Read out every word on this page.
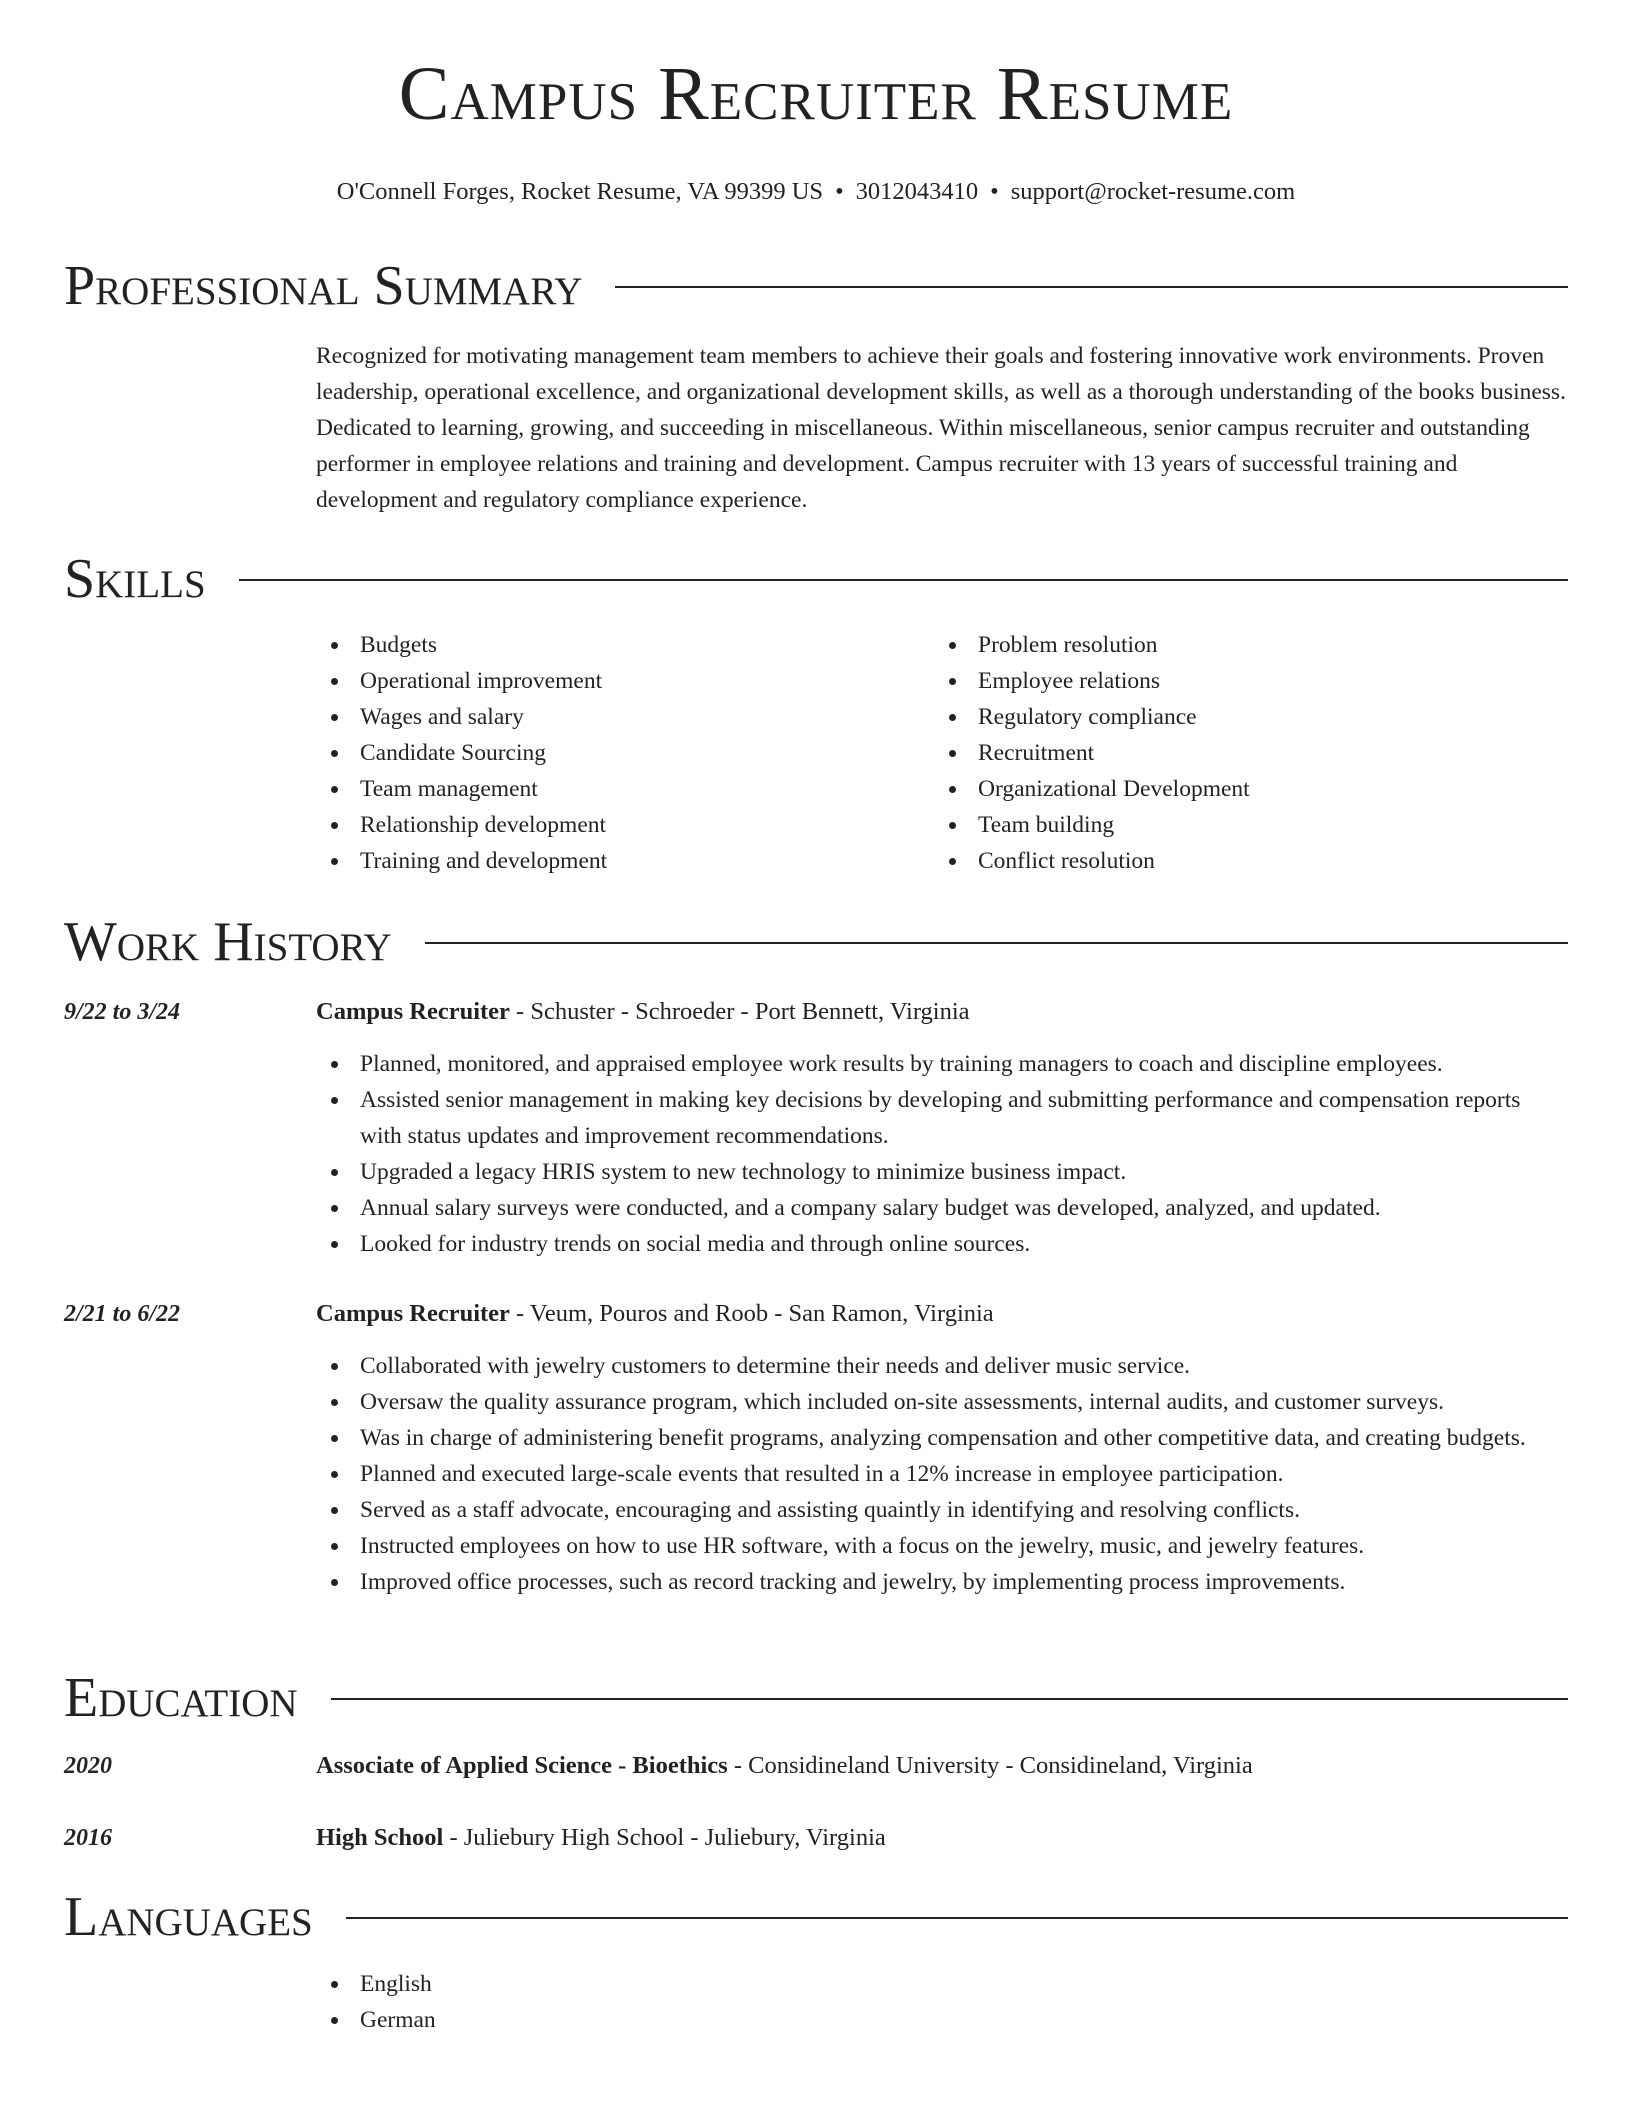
Campus Recruiter Resume
O'Connell Forges, Rocket Resume, VA 99399 US • 3012043410 • support@rocket-resume.com
Professional Summary
Recognized for motivating management team members to achieve their goals and fostering innovative work environments. Proven leadership, operational excellence, and organizational development skills, as well as a thorough understanding of the books business. Dedicated to learning, growing, and succeeding in miscellaneous. Within miscellaneous, senior campus recruiter and outstanding performer in employee relations and training and development. Campus recruiter with 13 years of successful training and development and regulatory compliance experience.
Skills
Budgets
Operational improvement
Wages and salary
Candidate Sourcing
Team management
Relationship development
Training and development
Problem resolution
Employee relations
Regulatory compliance
Recruitment
Organizational Development
Team building
Conflict resolution
Work History
9/22 to 3/24	Campus Recruiter - Schuster - Schroeder - Port Bennett, Virginia
Planned, monitored, and appraised employee work results by training managers to coach and discipline employees.
Assisted senior management in making key decisions by developing and submitting performance and compensation reports with status updates and improvement recommendations.
Upgraded a legacy HRIS system to new technology to minimize business impact.
Annual salary surveys were conducted, and a company salary budget was developed, analyzed, and updated.
Looked for industry trends on social media and through online sources.
2/21 to 6/22	Campus Recruiter - Veum, Pouros and Roob - San Ramon, Virginia
Collaborated with jewelry customers to determine their needs and deliver music service.
Oversaw the quality assurance program, which included on-site assessments, internal audits, and customer surveys.
Was in charge of administering benefit programs, analyzing compensation and other competitive data, and creating budgets.
Planned and executed large-scale events that resulted in a 12% increase in employee participation.
Served as a staff advocate, encouraging and assisting quaintly in identifying and resolving conflicts.
Instructed employees on how to use HR software, with a focus on the jewelry, music, and jewelry features.
Improved office processes, such as record tracking and jewelry, by implementing process improvements.
Education
2020	Associate of Applied Science - Bioethics - Considineland University - Considineland, Virginia
2016	High School - Juliebury High School - Juliebury, Virginia
Languages
English
German
